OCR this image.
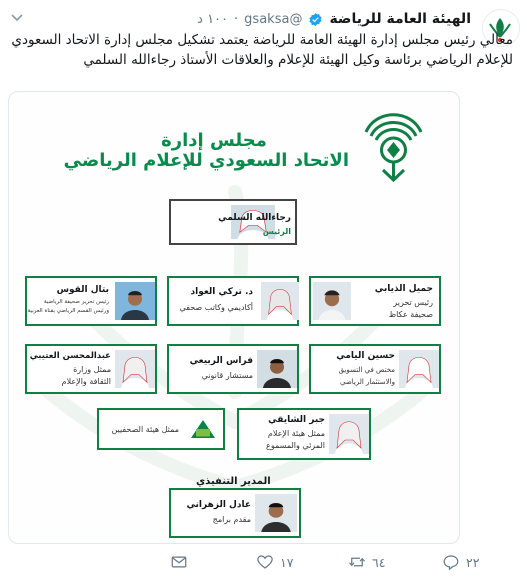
الهيئة العامة للرياضة
@gsaksa
·
١٠٠ د
معالي رئيس مجلس إدارة الهيئة العامة للرياضة يعتمد تشكيل مجلس إدارة الاتحاد السعودي للإعلام الرياضي برئاسة وكيل الهيئة للإعلام والعلاقات الأستاذ رجاءالله السلمي
مجلس إدارة
الاتحاد السعودي للإعلام الرياضي
رجاءالله السلمي
الرئيس
جميل الذيابي
رئيس تحرير
صحيفة عكاظ
د. تركي العواد
أكاديمي وكاتب صحفي
بتال القوس
رئيس تحرير صحيفة الرياضية
ورئيس القسم الرياضي بقناة العربية
حسين اليامي
مختص في التسويق
والاستثمار الرياضي
فراس الربيعي
مستشار قانوني
عبدالمحسن العتيبي
ممثل وزارة
الثقافة والإعلام
جبر الشايقي
ممثل هيئة الإعلام
المرئي والمسموع
ممثل هيئة الصحفيين
المدير التنفيذي
عادل الزهراني
مقدم برامج
٢٢
٦٤
١٧
